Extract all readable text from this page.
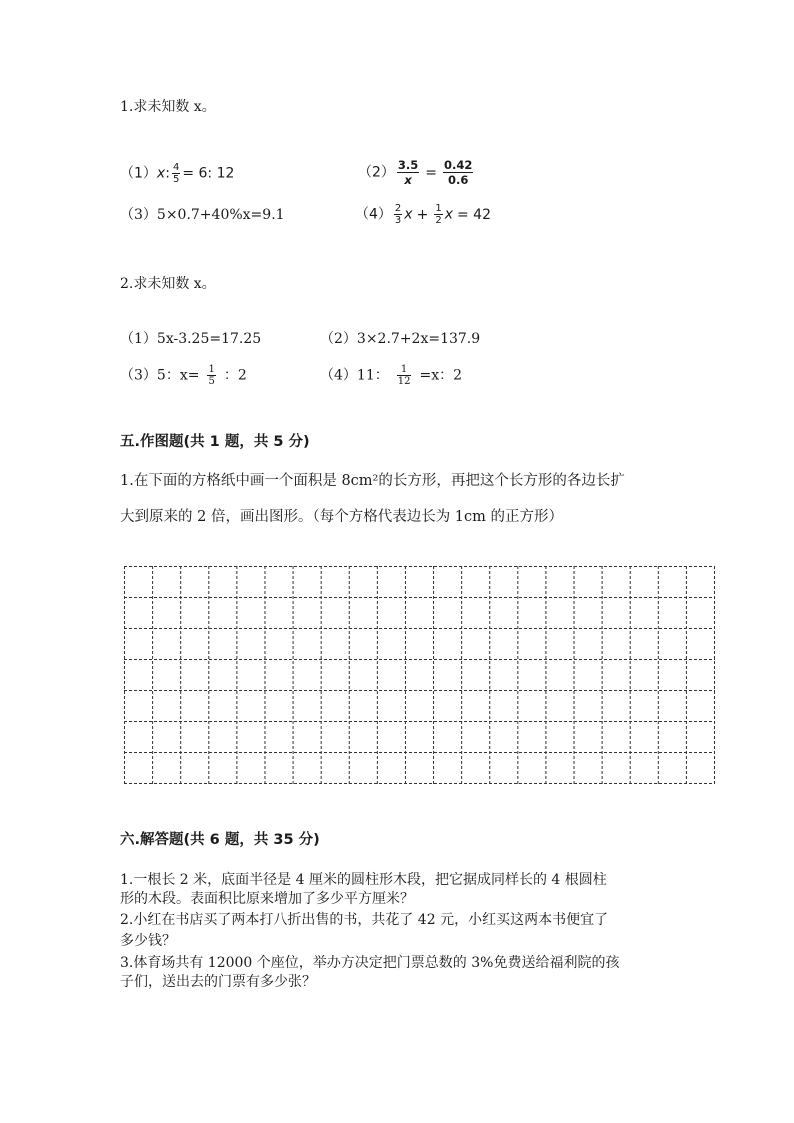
1.求未知数 x。
（1）x: $\frac{4}{5} = 6$: 12	$(2) \frac{3.5}{x} = \frac{0.42}{0.6}$
（3）5×0.7+40%x=9.1	$(4) \frac{2}{3}$ $x + \frac{1}{2}$ x = 42
2.求未知数 x。
（1）5x-3.25=17.25	（2）3×2.7+2x=137.9
（3）5：$x= \frac{1}{5}$ ：2	（4）11： $\frac{1}{12} =x$：2
五.作图题(共 1 题，共 5 分)
1.在下面的方格纸中画一个面积是 8cm²的长方形，再把这个长方形的各边长扩
大到原来的 2 倍，画出图形。（每个方格代表边长为 1cm 的正方形）
六.解答题(共 6 题，共 35 分)
1.一根长 2 米，底面半径是 4 厘米的圆柱形木段，把它据成同样长的 4 根圆柱
形的木段。表面积比原来增加了多少平方厘米？
2.小红在书店买了两本打八折出售的书，共花了 42 元，小红买这两本书便宜了
多少钱？
3.体育场共有 12000 个座位，举办方决定把门票总数的 3%免费送给福利院的孩
子们，送出去的门票有多少张？
